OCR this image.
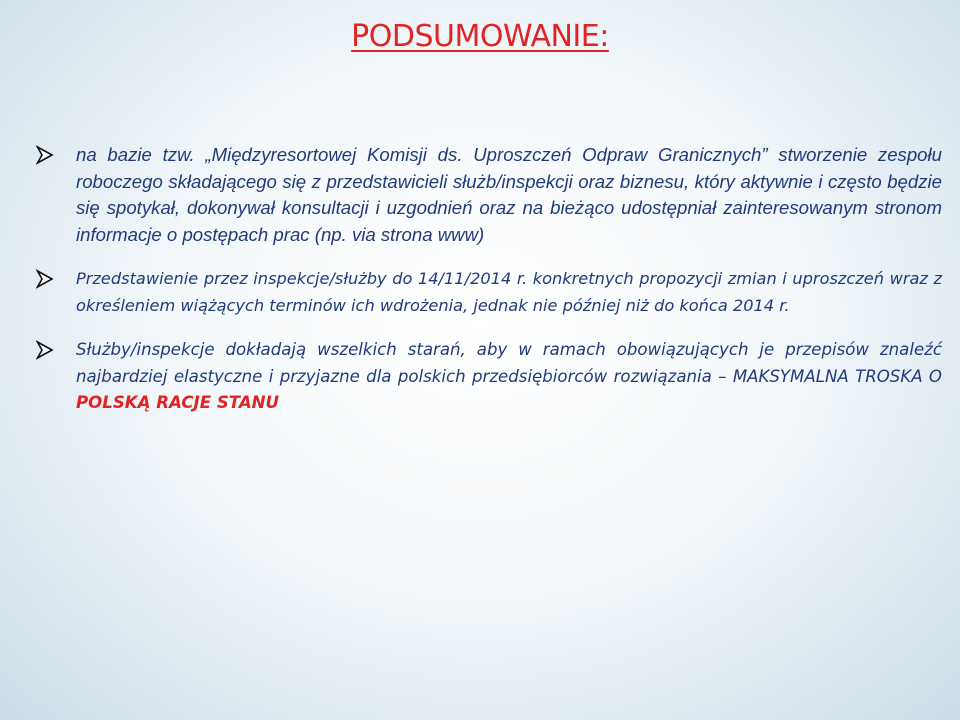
PODSUMOWANIE:
na bazie tzw. „Międzyresortowej Komisji ds. Uproszczeń Odpraw Granicznych” stworzenie zespołu roboczego składającego się z przedstawicieli służb/inspekcji oraz biznesu, który aktywnie i często będzie się spotykał, dokonywał konsultacji i uzgodnień oraz na bieżąco udostępniał zainteresowanym stronom informacje o postępach prac (np. via strona www)
Przedstawienie przez inspekcje/służby do 14/11/2014 r. konkretnych propozycji zmian i uproszczeń wraz z określeniem wiążących terminów ich wdrożenia, jednak nie później niż do końca 2014 r.
Służby/inspekcje dokładają wszelkich starań, aby w ramach obowiązujących je przepisów znaleźć najbardziej elastyczne i przyjazne dla polskich przedsiębiorców rozwiązania – MAKSYMALNA TROSKA O POLSKĄ RACJE STANU
